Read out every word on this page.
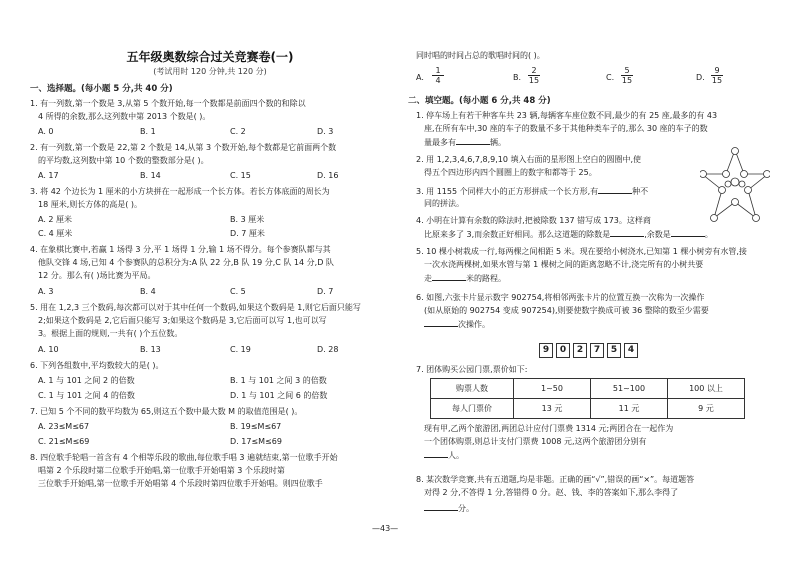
五年级奥数综合过关竞赛卷(一)
(考试用时 120 分钟,共 120 分)
一、选择题。(每小题 5 分,共 40 分)
1. 有一列数,第一个数是 3,从第 5 个数开始,每一个数都是前面四个数的和除以
4 所得的余数,那么这列数中第 2013 个数是( )。
A. 0	B. 1	C. 2	D. 3
2. 有一列数,第一个数是 22,第 2 个数是 14,从第 3 个数开始,每个数都是它前面两个数
的平均数,这列数中第 10 个数的整数部分是( )。
A. 17	B. 14	C. 15	D. 16
3. 将 42 个边长为 1 厘米的小方块拼在一起形成一个长方体。若长方体底面的周长为
18 厘米,则长方体的高是( )。
A. 2 厘米	B. 3 厘米
C. 4 厘米	D. 7 厘米
4. 在象棋比赛中,若赢 1 场得 3 分,平 1 场得 1 分,输 1 场不得分。每个参赛队都与其
他队交锋 4 场,已知 4 个参赛队的总积分为:A 队 22 分,B 队 19 分,C 队 14 分,D 队
12 分。那么有( )场比赛为平局。
A. 3	B. 4	C. 5	D. 7
5. 用在 1,2,3 三个数码,每次都可以对于其中任何一个数码,如果这个数码是 1,则它后面只能写
2;如果这个数码是 2,它后面只能写 3;如果这个数码是 3,它后面可以写 1,也可以写
3。根据上面的规则,一共有( )个五位数。
A. 10	B. 13	C. 19	D. 28
6. 下列各组数中,平均数较大的是( )。
A. 1 与 101 之间 2 的倍数	B. 1 与 101 之间 3 的倍数
C. 1 与 101 之间 4 的倍数	D. 1 与 101 之间 6 的倍数
7. 已知 5 个不同的数平均数为 65,则这五个数中最大数 M 的取值范围是( )。
A. 23≤M≤67	B. 19≤M≤67
C. 21≤M≤69	D. 17≤M≤69
8. 四位歌手轮唱一首含有 4 个相等乐段的歌曲,每位歌手唱 3 遍就结束,第一位歌手开始
唱第 2 个乐段时第二位歌手开始唱,第一位歌手开始唱第 3 个乐段时第
三位歌手开始唱,第一位歌手开始唱第 4 个乐段时第四位歌手开始唱。则四位歌手
同时唱的时间占总的歌唱时间的( )。
A.
1
4	B.
2
15	C.
5
15	D.
9
15
二、填空题。(每小题 6 分,共 48 分)
1. 停车场上有若干种客车共 23 辆,每辆客车座位数不同,最少的有 25 座,最多的有 43
座,在所有车中,30 座的车子的数量不多于其他种类车子的,那么 30 座的车子的数
量最多有	辆。
2. 用 1,2,3,4,6,7,8,9,10 填入右面的星形图上空白的圆圈中,使
得五个四边形内四个圆圈上的数字和都等于 25。
3. 用 1155 个同样大小的正方形拼成一个长方形,有	种不
同的拼法。
4. 小明在计算有余数的除法时,把被除数 137 错写成 173。这样商
比原来多了 3,而余数正好相同。那么这道题的除数是	,余数是	。
5. 10 棵小树栽成一行,每两棵之间相距 5 米。现在要给小树浇水,已知第 1 棵小树旁有水管,接
一次水浇两棵树,如果水管与第 1 棵树之间的距离忽略不计,浇完所有的小树共要
走	米的路程。
6. 如图,六张卡片显示数字 902754,将相邻两张卡片的位置互换一次称为一次操作
(如从原始的 902754 变成 907254),则要使数字换成可被 36 整除的数至少需要
次操作。
9	0	2	7	5	4
7. 团体购买公园门票,票价如下:
购票人数	1~50	51~100	100 以上
每人门票价	13 元	11 元	9 元
现有甲,乙两个旅游团,两团总计应付门票费 1314 元;两团合在一起作为
一个团体购票,则总计支付门票费 1008 元,这两个旅游团分别有
人。
8. 某次数学竞赛,共有五道题,均是非题。正确的画“√”,错误的画“×”。每道题答
对得 2 分,不答得 1 分,答错得 0 分。赵、钱、李的答案如下,那么李得了
分。
—43—
